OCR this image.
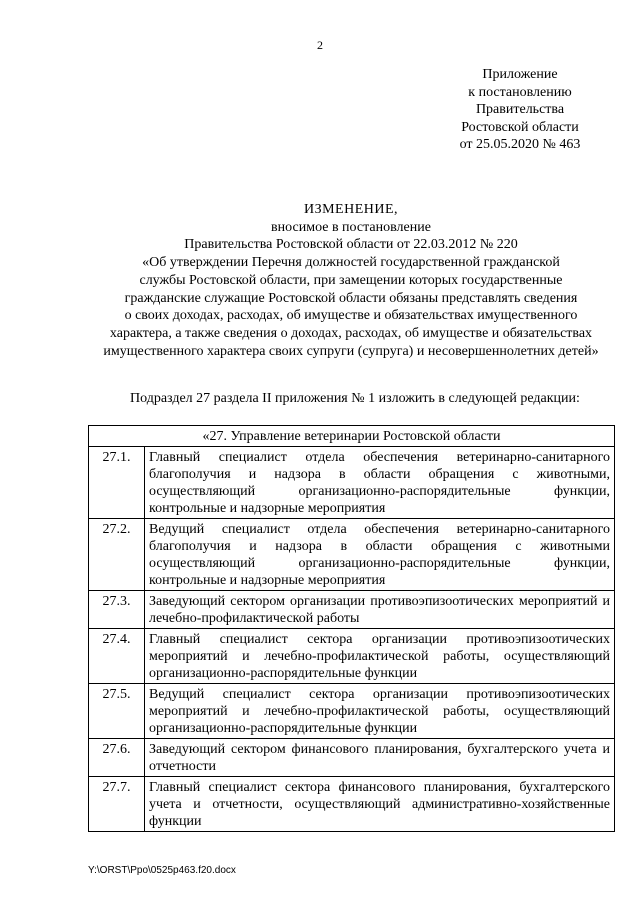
2
Приложение
к постановлению
Правительства
Ростовской области
от 25.05.2020 № 463
ИЗМЕНЕНИЕ,
вносимое в постановление
Правительства Ростовской области от 22.03.2012 № 220
«Об утверждении Перечня должностей государственной гражданской
службы Ростовской области, при замещении которых государственные
гражданские служащие Ростовской области обязаны представлять сведения
о своих доходах, расходах, об имуществе и обязательствах имущественного
характера, а также сведения о доходах, расходах, об имуществе и обязательствах
имущественного характера своих супруги (супруга) и несовершеннолетних детей»
Подраздел 27 раздела II приложения № 1 изложить в следующей редакции:
«27. Управление ветеринарии Ростовской области	
27.1.	Главный специалист отдела обеспечения ветеринарно-санитарного благополучия и надзора в области обращения с животными, осуществляющий организационно-распорядительные функции, контрольные и надзорные мероприятия
27.2.	Ведущий специалист отдела обеспечения ветеринарно-санитарного благополучия и надзора в области обращения с животными осуществляющий организационно-распорядительные функции, контрольные и надзорные мероприятия
27.3.	Заведующий сектором организации противоэпизоотических мероприятий и лечебно-профилактической работы
27.4.	Главный специалист сектора организации противоэпизоотических мероприятий и лечебно-профилактической работы, осуществляющий организационно-распорядительные функции
27.5.	Ведущий специалист сектора организации противоэпизоотических мероприятий и лечебно-профилактической работы, осуществляющий организационно-распорядительные функции
27.6.	Заведующий сектором финансового планирования, бухгалтерского учета и отчетности
27.7.	Главный специалист сектора финансового планирования, бухгалтерского учета и отчетности, осуществляющий административно-хозяйственные функции
Y:\ORST\Ppo\0525p463.f20.docx
